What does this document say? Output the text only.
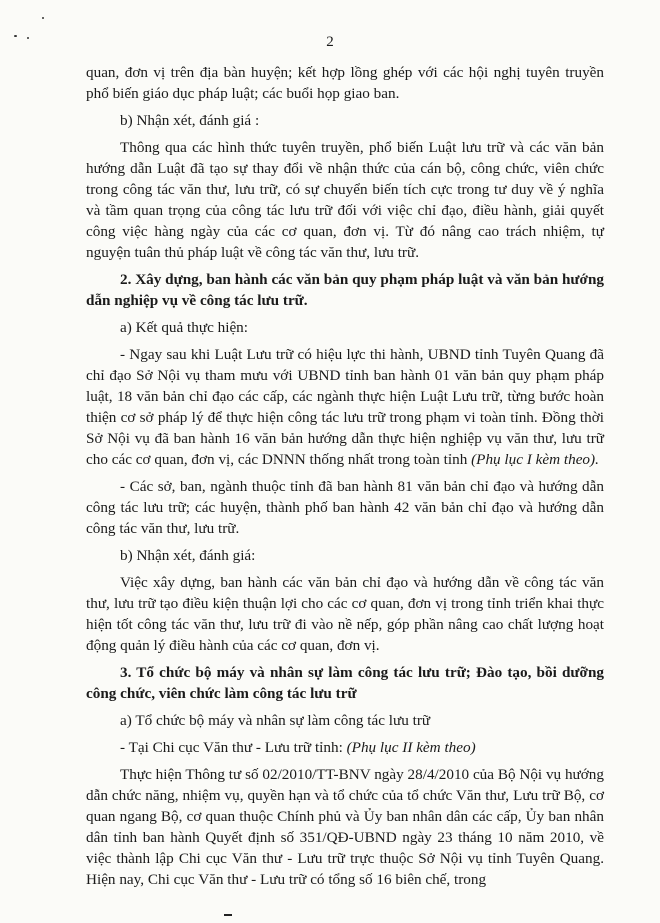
2

quan, đơn vị trên địa bàn huyện; kết hợp lồng ghép với các hội nghị tuyên truyền phổ biến giáo dục pháp luật; các buổi họp giao ban.

b) Nhận xét, đánh giá :

Thông qua các hình thức tuyên truyền, phổ biến Luật lưu trữ và các văn bản hướng dẫn Luật đã tạo sự thay đổi về nhận thức của cán bộ, công chức, viên chức trong công tác văn thư, lưu trữ, có sự chuyển biến tích cực trong tư duy về ý nghĩa và tầm quan trọng của công tác lưu trữ đối với việc chỉ đạo, điều hành, giải quyết công việc hàng ngày của các cơ quan, đơn vị. Từ đó nâng cao trách nhiệm, tự nguyện tuân thủ pháp luật về công tác văn thư, lưu trữ.

2. Xây dựng, ban hành các văn bản quy phạm pháp luật và văn bản hướng dẫn nghiệp vụ về công tác lưu trữ.

a) Kết quả thực hiện:

- Ngay sau khi Luật Lưu trữ có hiệu lực thi hành, UBND tỉnh Tuyên Quang đã chỉ đạo Sở Nội vụ tham mưu với UBND tỉnh ban hành 01 văn bản quy phạm pháp luật, 18 văn bản chỉ đạo các cấp, các ngành thực hiện Luật Lưu trữ, từng bước hoàn thiện cơ sở pháp lý để thực hiện công tác lưu trữ trong phạm vi toàn tỉnh. Đồng thời Sở Nội vụ đã ban hành 16 văn bản hướng dẫn thực hiện nghiệp vụ văn thư, lưu trữ cho các cơ quan, đơn vị, các DNNN thống nhất trong toàn tỉnh (Phụ lục I kèm theo).

- Các sở, ban, ngành thuộc tỉnh đã ban hành 81 văn bản chỉ đạo và hướng dẫn công tác lưu trữ; các huyện, thành phố ban hành 42 văn bản chỉ đạo và hướng dẫn công tác văn thư, lưu trữ.

b) Nhận xét, đánh giá:

Việc xây dựng, ban hành các văn bản chỉ đạo và hướng dẫn về công tác văn thư, lưu trữ tạo điều kiện thuận lợi cho các cơ quan, đơn vị trong tỉnh triển khai thực hiện tốt công tác văn thư, lưu trữ đi vào nề nếp, góp phần nâng cao chất lượng hoạt động quản lý điều hành của các cơ quan, đơn vị.

3. Tổ chức bộ máy và nhân sự làm công tác lưu trữ; Đào tạo, bồi dưỡng công chức, viên chức làm công tác lưu trữ

a) Tổ chức bộ máy và nhân sự làm công tác lưu trữ

- Tại Chi cục Văn thư - Lưu trữ tỉnh: (Phụ lục II kèm theo)

Thực hiện Thông tư số 02/2010/TT-BNV ngày 28/4/2010 của Bộ Nội vụ hướng dẫn chức năng, nhiệm vụ, quyền hạn và tổ chức của tổ chức Văn thư, Lưu trữ Bộ, cơ quan ngang Bộ, cơ quan thuộc Chính phủ và Ủy ban nhân dân các cấp, Ủy ban nhân dân tỉnh ban hành Quyết định số 351/QĐ-UBND ngày 23 tháng 10 năm 2010, về việc thành lập Chi cục Văn thư - Lưu trữ trực thuộc Sở Nội vụ tỉnh Tuyên Quang. Hiện nay, Chi cục Văn thư - Lưu trữ có tổng số 16 biên chế, trong
